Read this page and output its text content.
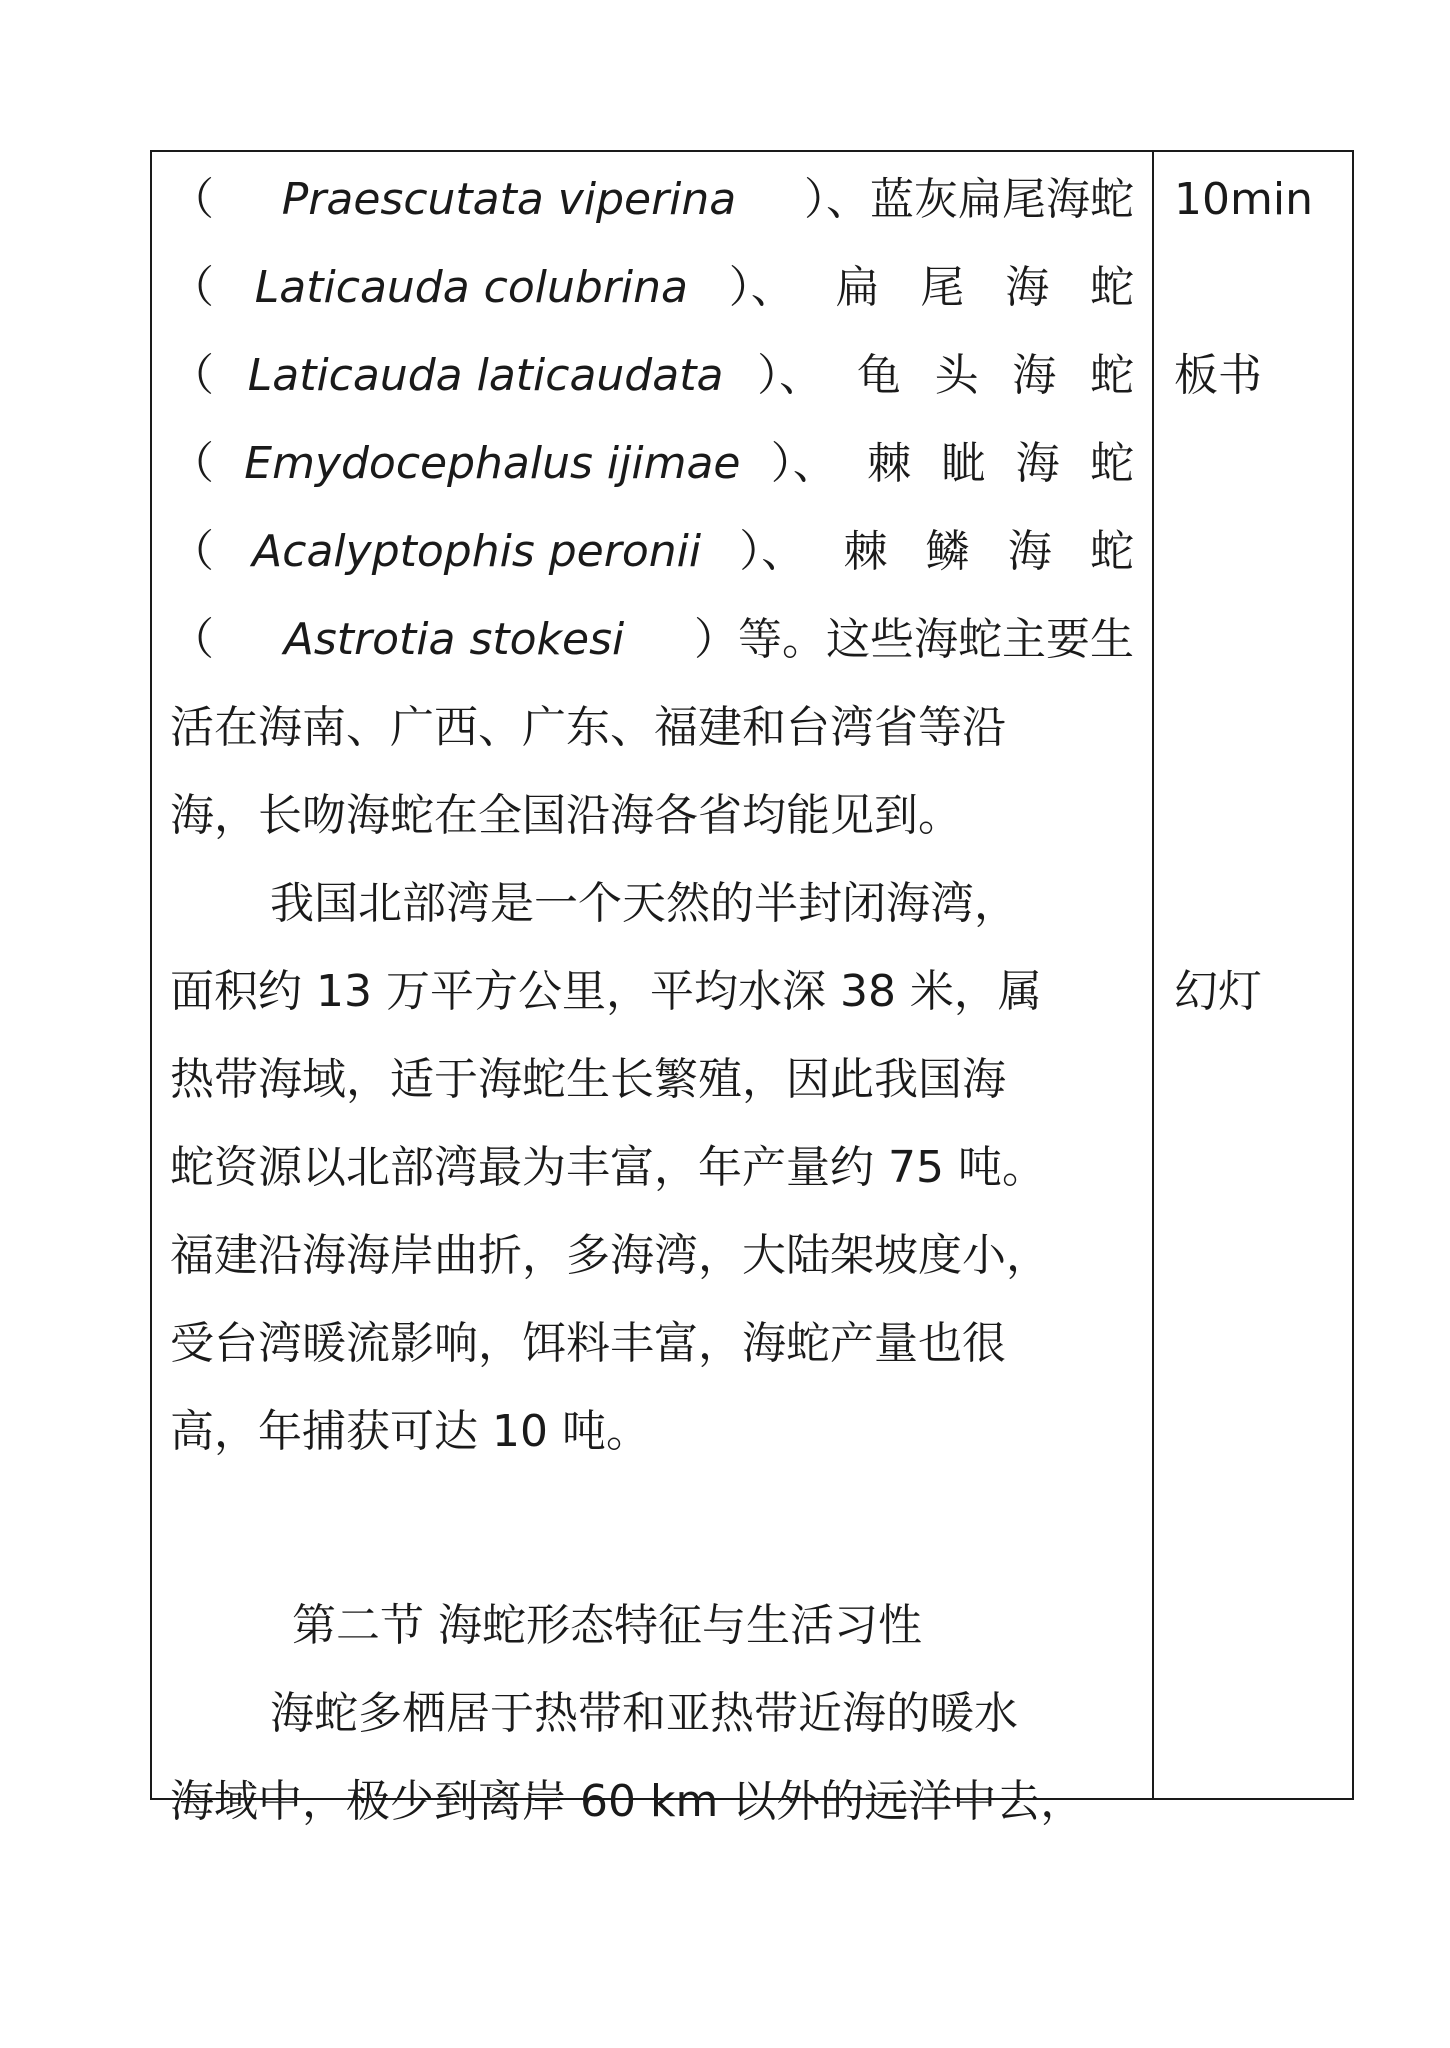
（ Praescutata viperina ）、蓝灰扁尾海蛇
（ Laticauda colubrina ）、 扁 尾 海 蛇
（ Laticauda laticaudata ）、 龟 头 海 蛇
（ Emydocephalus ijimae ）、 棘 眦 海 蛇
（ Acalyptophis peronii ）、 棘 鳞 海 蛇
（ Astrotia stokesi ）等。这些海蛇主要生
活在海南、广西、广东、福建和台湾省等沿
海，长吻海蛇在全国沿海各省均能见到。
我国北部湾是一个天然的半封闭海湾，
面积约 13 万平方公里，平均水深 38 米，属
热带海域，适于海蛇生长繁殖，因此我国海
蛇资源以北部湾最为丰富，年产量约 75 吨。
福建沿海海岸曲折，多海湾，大陆架坡度小，
受台湾暖流影响，饵料丰富，海蛇产量也很
高，年捕获可达 10 吨。
第二节 海蛇形态特征与生活习性
海蛇多栖居于热带和亚热带近海的暖水
海域中，极少到离岸 60 km 以外的远洋中去，
10min
板书
幻灯
